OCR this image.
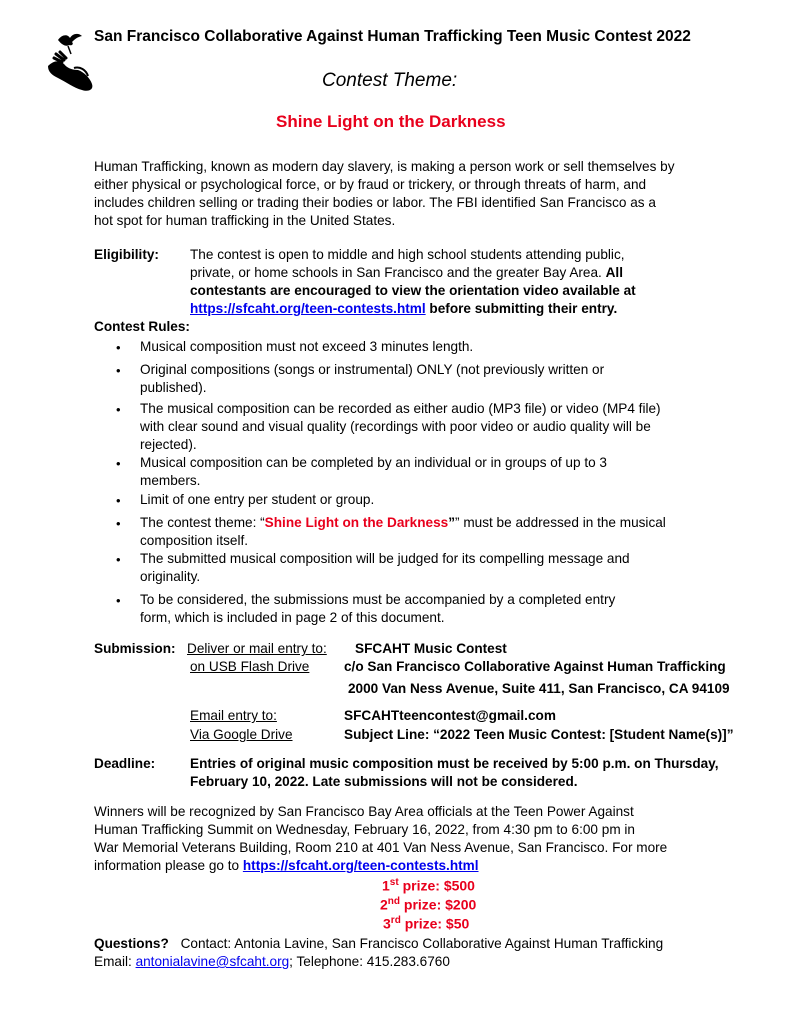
San Francisco Collaborative Against Human Trafficking Teen Music Contest 2022
Contest Theme:
Shine Light on the Darkness
Human Trafficking, known as modern day slavery, is making a person work or sell themselves by
either physical or psychological force, or by fraud or trickery, or through threats of harm, and
includes children selling or trading their bodies or labor. The FBI identified San Francisco as a
hot spot for human trafficking in the United States.
Eligibility: The contest is open to middle and high school students attending public,
private, or home schools in San Francisco and the greater Bay Area. All
contestants are encouraged to view the orientation video available at
https://sfcaht.org/teen-contests.html before submitting their entry.
Contest Rules:
• Musical composition must not exceed 3 minutes length.
• Original compositions (songs or instrumental) ONLY (not previously written or published).
• The musical composition can be recorded as either audio (MP3 file) or video (MP4 file) with clear sound and visual quality (recordings with poor video or audio quality will be rejected).
• Musical composition can be completed by an individual or in groups of up to 3 members.
• Limit of one entry per student or group.
• The contest theme: “Shine Light on the Darkness”” must be addressed in the musical composition itself.
• The submitted musical composition will be judged for its compelling message and originality.
• To be considered, the submissions must be accompanied by a completed entry form, which is included in page 2 of this document.
Submission: Deliver or mail entry to: SFCAHT Music Contest
on USB Flash Drive	c/o San Francisco Collaborative Against Human Trafficking
2000 Van Ness Avenue, Suite 411, San Francisco, CA 94109
Email entry to:	SFCAHTteencontest@gmail.com
Via Google Drive	Subject Line: “2022 Teen Music Contest: [Student Name(s)]”
Deadline:	Entries of original music composition must be received by 5:00 p.m. on Thursday,
February 10, 2022. Late submissions will not be considered.
Winners will be recognized by San Francisco Bay Area officials at the Teen Power Against
Human Trafficking Summit on Wednesday, February 16, 2022, from 4:30 pm to 6:00 pm in
War Memorial Veterans Building, Room 210 at 401 Van Ness Avenue, San Francisco. For more
information please go to https://sfcaht.org/teen-contests.html
1st prize: $500
2nd prize: $200
3rd prize: $50
Questions? Contact: Antonia Lavine, San Francisco Collaborative Against Human Trafficking
Email: antonialavine@sfcaht.org; Telephone: 415.283.6760
